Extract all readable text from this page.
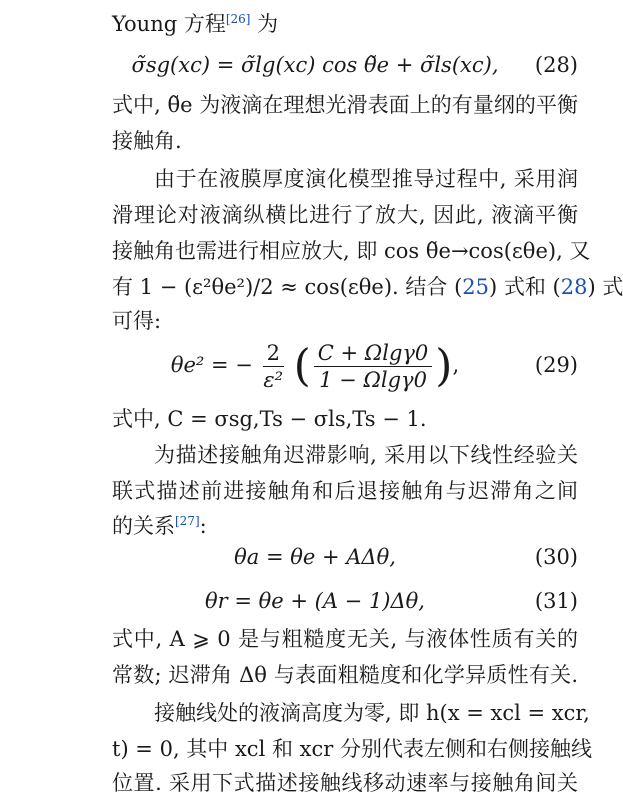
Young 方程[26] 为
σ̃sg(xc) = σ̃lg(xc) cos θ̃e + σ̃ls(xc),	(28)
式中, θ̃e 为液滴在理想光滑表面上的有量纲的平衡
接触角.
由于在液膜厚度演化模型推导过程中, 采用润
滑理论对液滴纵横比进行了放大, 因此, 液滴平衡
接触角也需进行相应放大, 即 cos θ̃e→cos(εθe), 又
有 1 − (ε²θe²)/2 ≈ cos(εθe). 结合 (25) 式和 (28) 式
可得:
θe² = − $\frac{2}{\text{ε²}}$ ( $\frac{C + \Omega\lg\gamma 0}{1 - \Omega\lg\gamma 0}$ ),	(29)
式中, C = σsg,Ts − σls,Ts − 1.
为描述接触角迟滞影响, 采用以下线性经验关
联式描述前进接触角和后退接触角与迟滞角之间
的关系[27]:
θa = θe + AΔθ,	(30)
θr = θe + (A − 1)Δθ,	(31)
式中, A ⩾ 0 是与粗糙度无关, 与液体性质有关的
常数; 迟滞角 Δθ 与表面粗糙度和化学异质性有关.
接触线处的液滴高度为零, 即 h(x = xcl = xcr,
t) = 0, 其中 xcl 和 xcr 分别代表左侧和右侧接触线
位置. 采用下式描述接触线移动速率与接触角间关
